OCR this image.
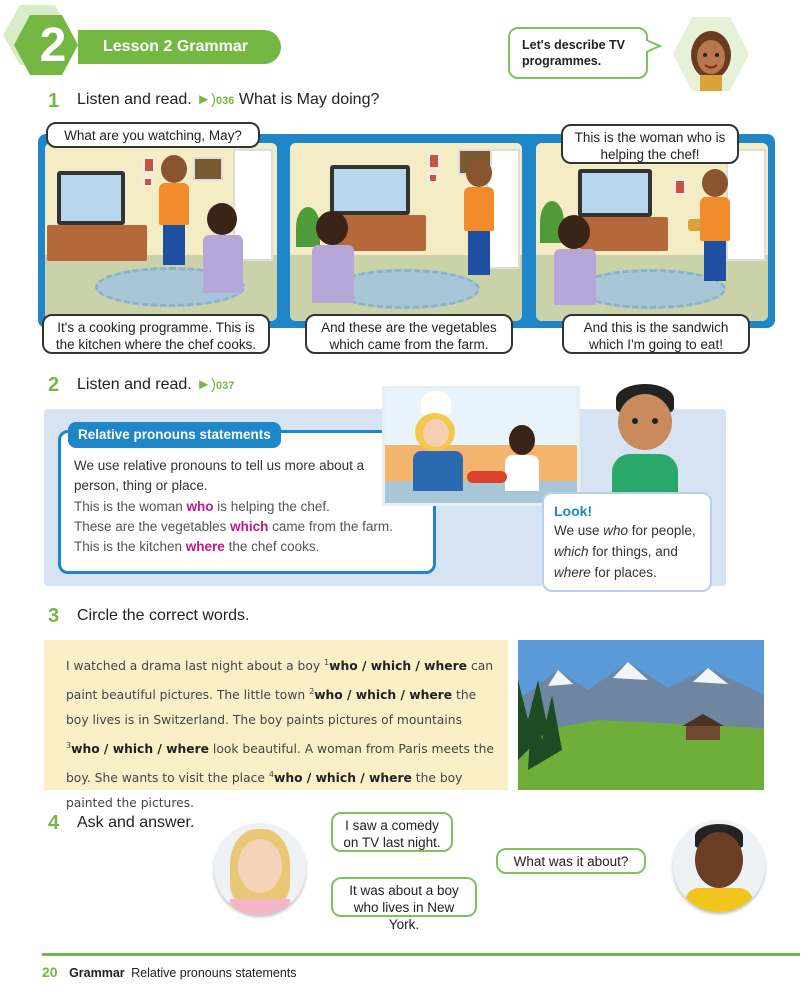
2	Lesson 2 Grammar	Let's describe TV programmes.
1 Listen and read. ►)036 What is May doing?
What are you watching, May?
It's a cooking programme. This is the kitchen where the chef cooks.
And these are the vegetables which came from the farm.
This is the woman who is helping the chef!
And this is the sandwich which I'm going to eat!
2 Listen and read. ►)037
Relative pronouns statements
We use relative pronouns to tell us more about a person, thing or place.
This is the woman who is helping the chef.
These are the vegetables which came from the farm.
This is the kitchen where the chef cooks.
Look!
We use who for people, which for things, and where for places.
3 Circle the correct words.
I watched a drama last night about a boy $^1$who / which / where can paint beautiful pictures. The little town $^2$who / which / where the boy lives is in Switzerland. The boy paints pictures of mountains $^3$who / which / where look beautiful. A woman from Paris meets the boy. She wants to visit the place $^4$who / which / where the boy painted the pictures.
4 Ask and answer.	I saw a comedy on TV last night.
It was about a boy who lives in New York.
What was it about?
20 Grammar Relative pronouns statements
